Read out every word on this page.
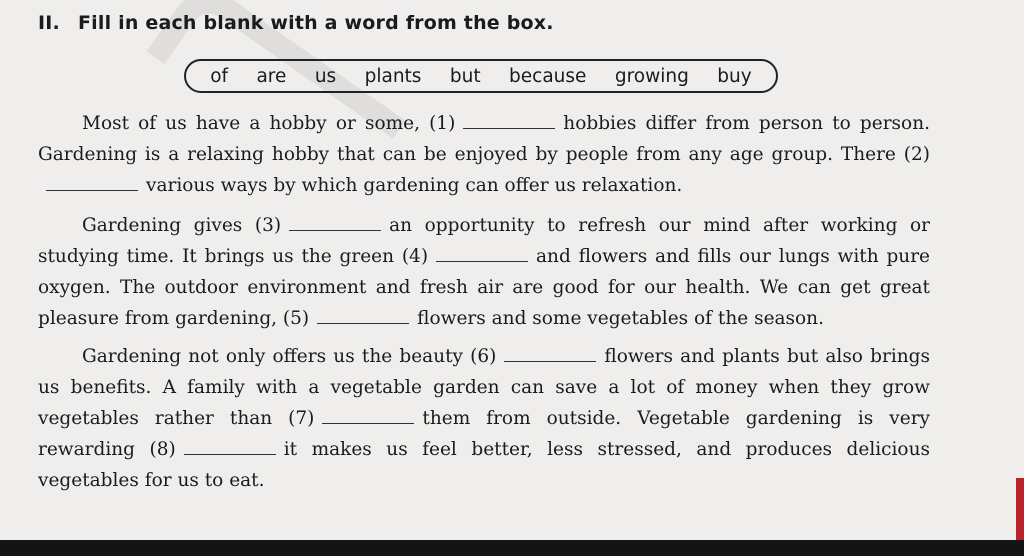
II. Fill in each blank with a word from the box.
of are us plants but because growing buy
Most of us have a hobby or some, (1)	hobbies differ from person to person. Gardening is a relaxing hobby that can be enjoyed by people from any age group. There (2)various ways by which gardening can offer us relaxation.
Gardening gives (3)	an opportunity to refresh our mind after working or studying time. It brings us the green (4)	and flowers and fills our lungs with pure oxygen. The outdoor environment and fresh air are good for our health. We can get great pleasure from gardening, (5)	flowers and some vegetables of the season.
Gardening not only offers us the beauty (6)	flowers and plants but also brings us benefits. A family with a vegetable garden can save a lot of money when they grow vegetables rather than (7)	them from outside. Vegetable gardening is very rewarding (8)	it makes us feel better, less stressed, and produces delicious vegetables for us to eat.
